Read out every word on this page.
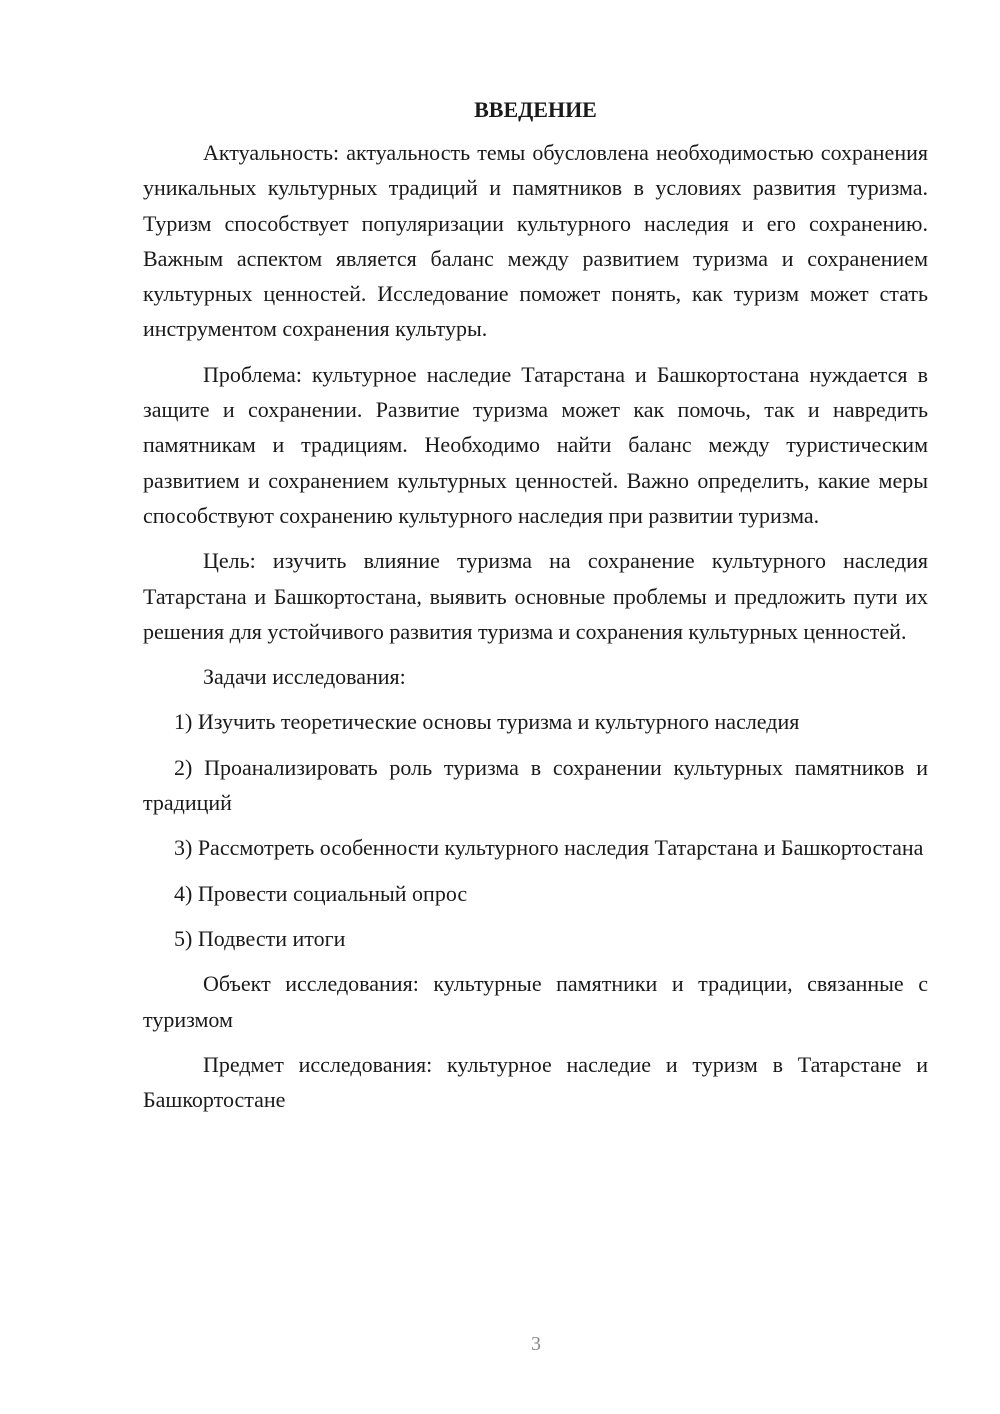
ВВЕДЕНИЕ

Актуальность: актуальность темы обусловлена необходимостью сохранения уникальных культурных традиций и памятников в условиях развития туризма. Туризм способствует популяризации культурного наследия и его сохранению. Важным аспектом является баланс между развитием туризма и сохранением культурных ценностей. Исследование поможет понять, как туризм может стать инструментом сохранения культуры.

Проблема: культурное наследие Татарстана и Башкортостана нуждается в защите и сохранении. Развитие туризма может как помочь, так и навредить памятникам и традициям. Необходимо найти баланс между туристическим развитием и сохранением культурных ценностей. Важно определить, какие меры способствуют сохранению культурного наследия при развитии туризма.

Цель: изучить влияние туризма на сохранение культурного наследия Татарстана и Башкортостана, выявить основные проблемы и предложить пути их решения для устойчивого развития туризма и сохранения культурных ценностей.

Задачи исследования:

1) Изучить теоретические основы туризма и культурного наследия

2) Проанализировать роль туризма в сохранении культурных памятников и традиций

3) Рассмотреть особенности культурного наследия Татарстана и Башкортостана

4) Провести социальный опрос

5) Подвести итоги

Объект исследования: культурные памятники и традиции, связанные с туризмом

Предмет исследования: культурное наследие и туризм в Татарстане и Башкортостане

3
